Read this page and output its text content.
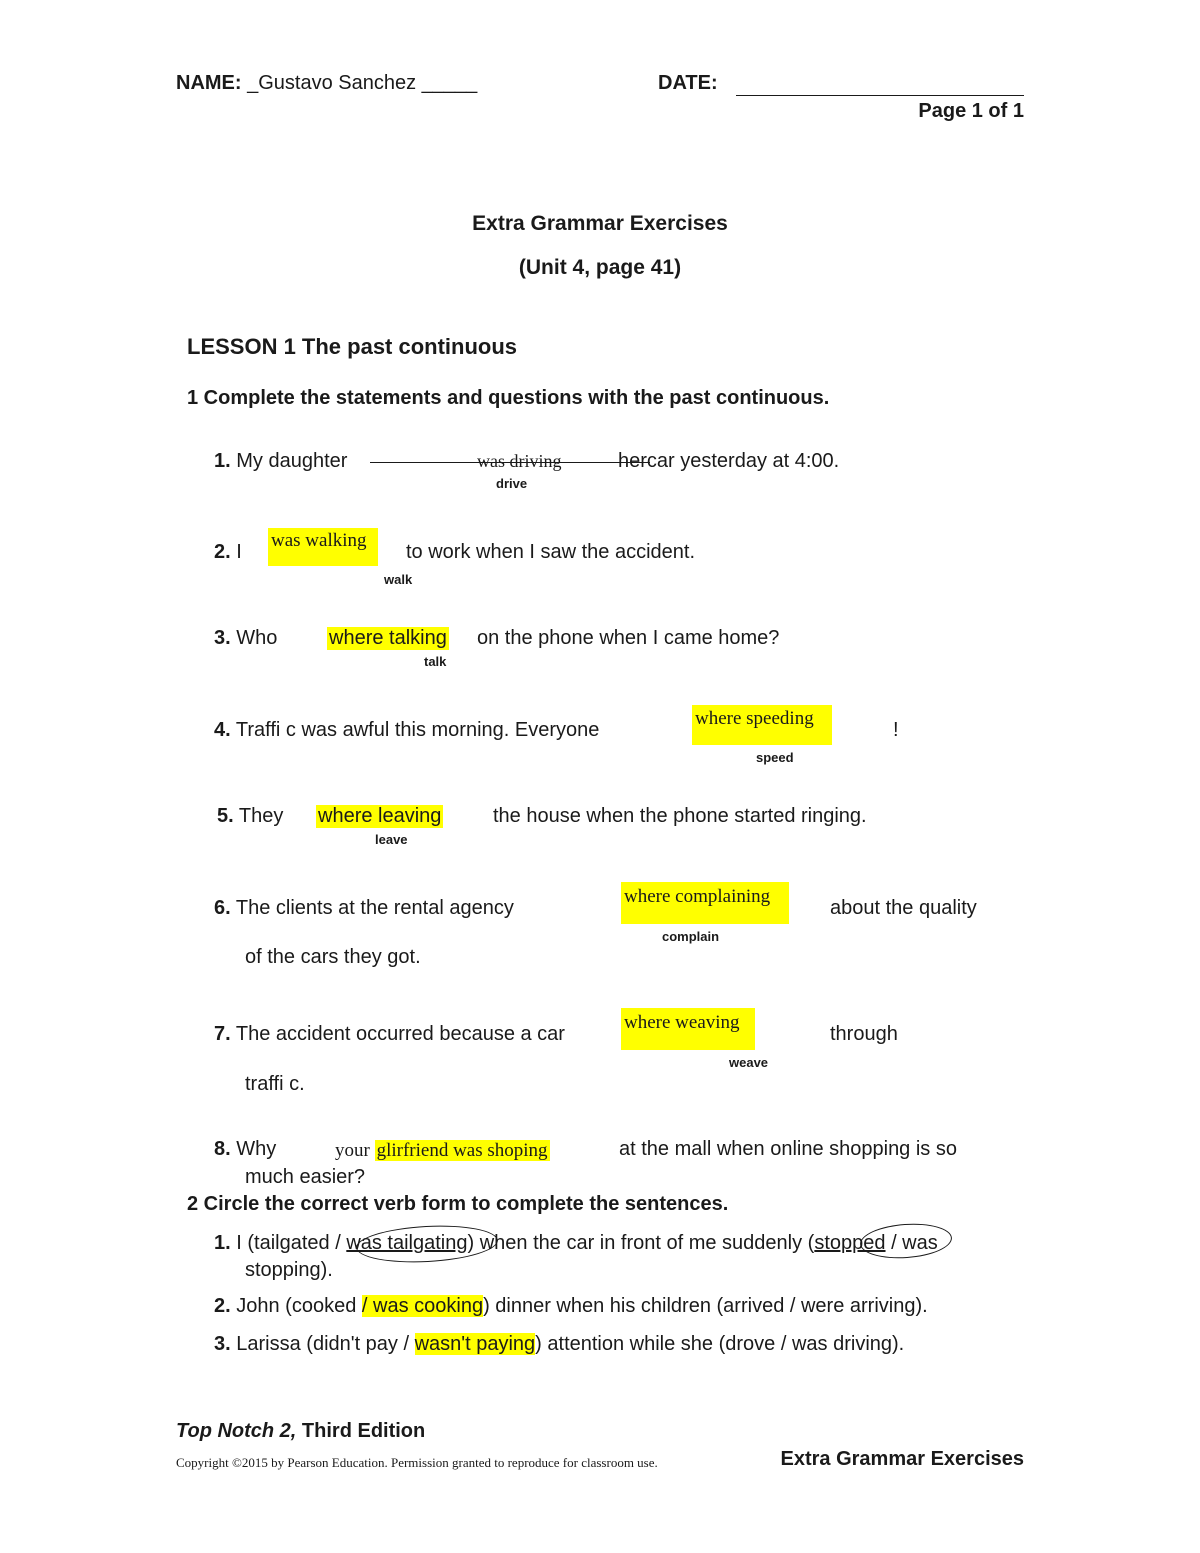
NAME: _Gustavo Sanchez _____	DATE:
Page 1 of 1
Extra Grammar Exercises
(Unit 4, page 41)
LESSON 1 The past continuous
1 Complete the statements and questions with the past continuous.
1. My daughter	was driving	hercar yesterday at 4:00.
drive
2. I
was walking
to work when I saw the accident.
walk
3. Who	where talking on the phone when I came home?
talk
4. Traffi c was awful this morning. Everyone
where speeding
!
speed
5. They where leaving	the house when the phone started ringing.
leave
6. The clients at the rental agency
where complaining
about the quality
complain
of the cars they got.
7. The accident occurred because a car
where weaving
through
weave
traffi c.
8. Why	your glirfriend was shoping	at the mall when online shopping is so
much easier?
2 Circle the correct verb form to complete the sentences.
1. I (tailgated / was tailgating) when the car in front of me suddenly (stopped / was
stopping).
2. John (cooked / was cooking) dinner when his children (arrived / were arriving).
3. Larissa (didn't pay / wasn't paying) attention while she (drove / was driving).
Top Notch 2, Third Edition
Copyright ©2015 by Pearson Education. Permission granted to reproduce for classroom use.	Extra Grammar Exercises
